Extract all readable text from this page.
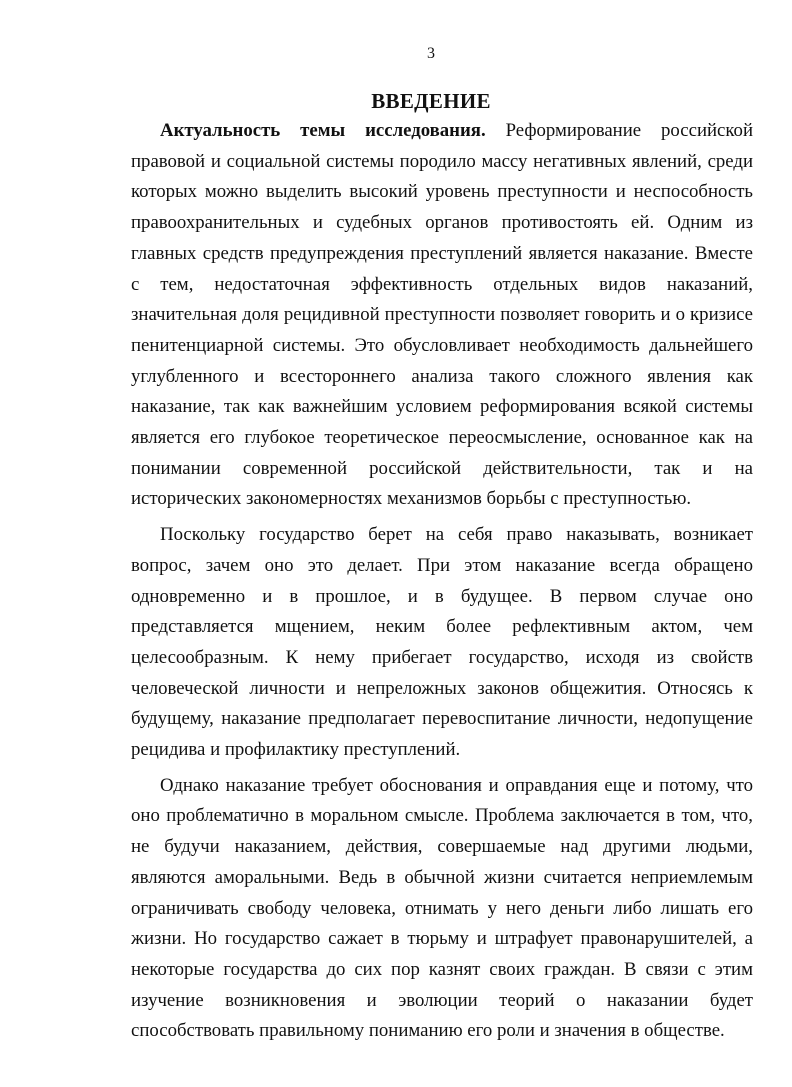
3
ВВЕДЕНИЕ

Актуальность темы исследования. Реформирование российской правовой и социальной системы породило массу негативных явлений, среди которых можно выделить высокий уровень преступности и неспособность правоохранительных и судебных органов противостоять ей. Одним из главных средств предупреждения преступлений является наказание. Вместе с тем, недостаточная эффективность отдельных видов наказаний, значительная доля рецидивной преступности позволяет говорить и о кризисе пенитенциарной системы. Это обусловливает необходимость дальнейшего углубленного и всестороннего анализа такого сложного явления как наказание, так как важнейшим условием реформирования всякой системы является его глубокое теоретическое переосмысление, основанное как на понимании современной российской действительности, так и на исторических закономерностях механизмов борьбы с преступностью.

Поскольку государство берет на себя право наказывать, возникает вопрос, зачем оно это делает. При этом наказание всегда обращено одновременно и в прошлое, и в будущее. В первом случае оно представляется мщением, неким более рефлективным актом, чем целесообразным. К нему прибегает государство, исходя из свойств человеческой личности и непреложных законов общежития. Относясь к будущему, наказание предполагает перевоспитание личности, недопущение рецидива и профилактику преступлений.

Однако наказание требует обоснования и оправдания еще и потому, что оно проблематично в моральном смысле. Проблема заключается в том, что, не будучи наказанием, действия, совершаемые над другими людьми, являются аморальными. Ведь в обычной жизни считается неприемлемым ограничивать свободу человека, отнимать у него деньги либо лишать его жизни. Но государство сажает в тюрьму и штрафует правонарушителей, а некоторые государства до сих пор казнят своих граждан. В связи с этим изучение возникновения и эволюции теорий о наказании будет способствовать правильному пониманию его роли и значения в обществе.
